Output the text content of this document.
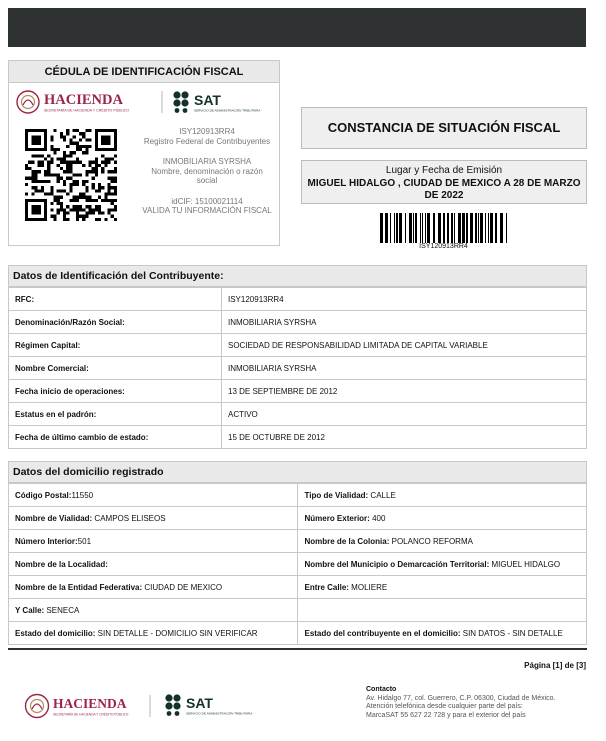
CÉDULA DE IDENTIFICACIÓN FISCAL
HACIENDA
SECRETARÍA DE HACIENDA Y CRÉDITO PÚBLICO
SAT
SERVICIO DE ADMINISTRACIÓN TRIBUTARIA
ISY120913RR4
Registro Federal de Contribuyentes
INMOBILIARIA SYRSHA
Nombre, denominación o razón social
idCIF: 15100021114
VALIDA TU INFORMACIÓN FISCAL
CONSTANCIA DE SITUACIÓN FISCAL
Lugar y Fecha de Emisión
MIGUEL HIDALGO , CIUDAD DE MEXICO A 28 DE MARZO DE 2022
ISY120913RR4
Datos de Identificación del Contribuyente:
RFC:	ISY120913RR4
Denominación/Razón Social:	INMOBILIARIA SYRSHA
Régimen Capital:	SOCIEDAD DE RESPONSABILIDAD LIMITADA DE CAPITAL VARIABLE
Nombre Comercial:	INMOBILIARIA SYRSHA
Fecha inicio de operaciones:	13 DE SEPTIEMBRE DE 2012
Estatus en el padrón:	ACTIVO
Fecha de último cambio de estado:	15 DE OCTUBRE DE 2012
Datos del domicilio registrado
Código Postal:11550	Tipo de Vialidad: CALLE
Nombre de Vialidad: CAMPOS ELISEOS	Número Exterior: 400
Número Interior:501	Nombre de la Colonia: POLANCO REFORMA
Nombre de la Localidad:	Nombre del Municipio o Demarcación Territorial: MIGUEL HIDALGO
Nombre de la Entidad Federativa: CIUDAD DE MEXICO	Entre Calle: MOLIERE
Y Calle: SENECA	
Estado del domicilio: SIN DETALLE - DOMICILIO SIN VERIFICAR	Estado del contribuyente en el domicilio: SIN DATOS - SIN DETALLE
Página [1] de [3]
HACIENDA
SECRETARÍA DE HACIENDA Y CRÉDITO PÚBLICO
SAT
SERVICIO DE ADMINISTRACIÓN TRIBUTARIA
Contacto
Av. Hidalgo 77, col. Guerrero, C.P. 06300, Ciudad de México.
Atención telefónica desde cualquier parte del país:
MarcaSAT 55 627 22 728 y para el exterior del país
